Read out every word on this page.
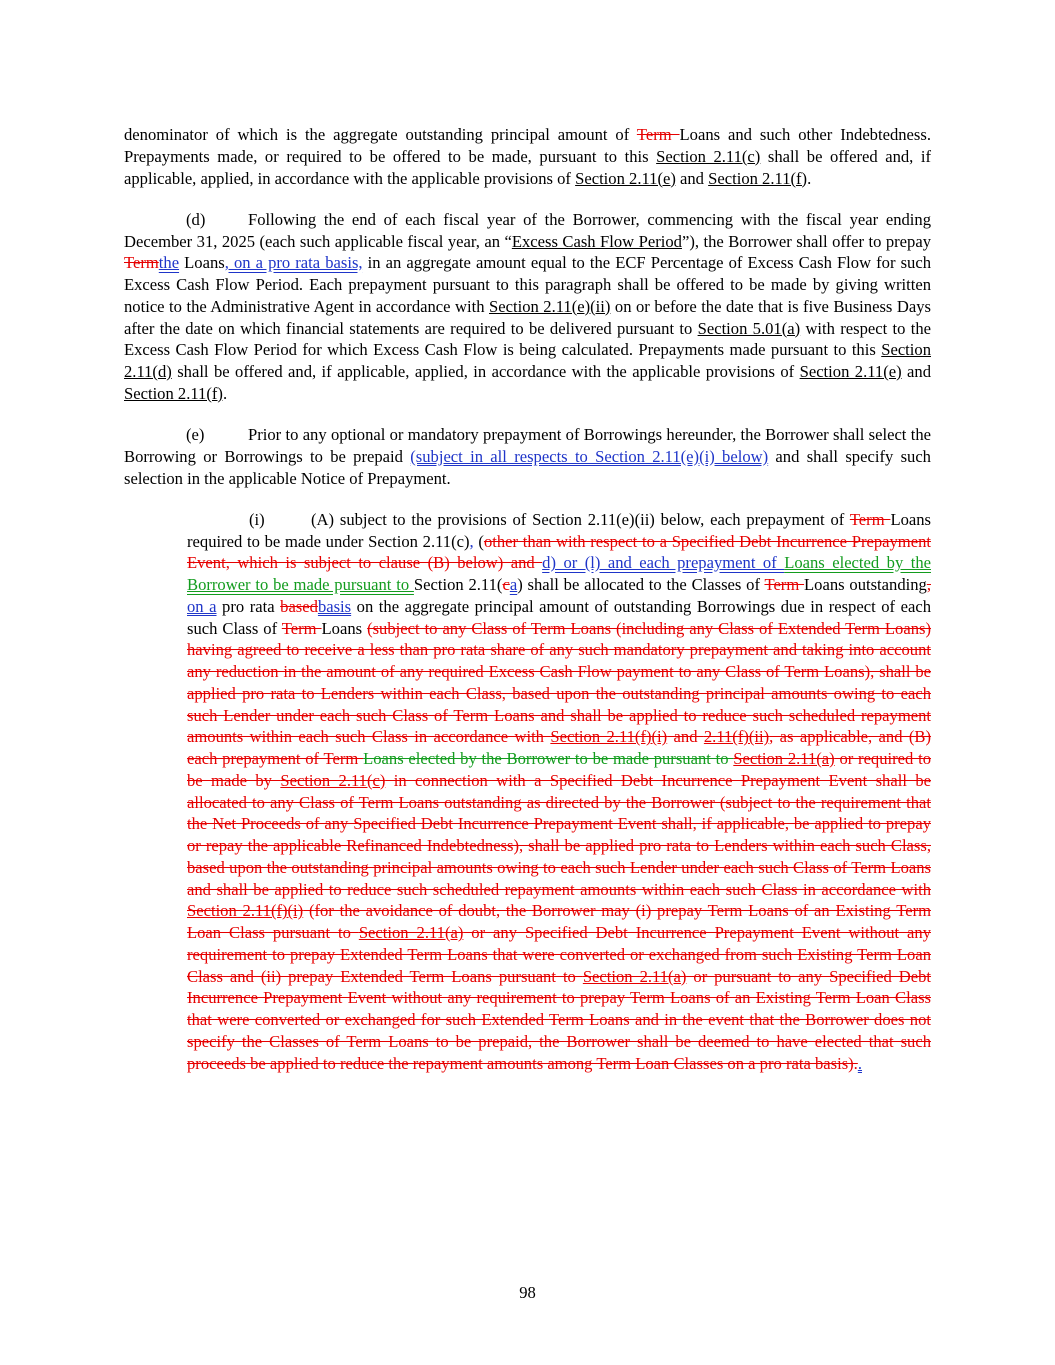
denominator of which is the aggregate outstanding principal amount of Term Loans and such other Indebtedness. Prepayments made, or required to be offered to be made, pursuant to this Section 2.11(c) shall be offered and, if applicable, applied, in accordance with the applicable provisions of Section 2.11(e) and Section 2.11(f).

(d)	Following the end of each fiscal year of the Borrower, commencing with the fiscal year ending December 31, 2025 (each such applicable fiscal year, an “Excess Cash Flow Period”), the Borrower shall offer to prepay Termthe Loans, on a pro rata basis, in an aggregate amount equal to the ECF Percentage of Excess Cash Flow for such Excess Cash Flow Period. Each prepayment pursuant to this paragraph shall be offered to be made by giving written notice to the Administrative Agent in accordance with Section 2.11(e)(ii) on or before the date that is five Business Days after the date on which financial statements are required to be delivered pursuant to Section 5.01(a) with respect to the Excess Cash Flow Period for which Excess Cash Flow is being calculated. Prepayments made pursuant to this Section 2.11(d) shall be offered and, if applicable, applied, in accordance with the applicable provisions of Section 2.11(e) and Section 2.11(f).

(e)	Prior to any optional or mandatory prepayment of Borrowings hereunder, the Borrower shall select the Borrowing or Borrowings to be prepaid (subject in all respects to Section 2.11(e)(i) below) and shall specify such selection in the applicable Notice of Prepayment.

(i)	(A) subject to the provisions of Section 2.11(e)(ii) below, each prepayment of Term Loans required to be made under Section 2.11(c), (other than with respect to a Specified Debt Incurrence Prepayment Event, which is subject to clause (B) below) and d) or (l) and each prepayment of Loans elected by the Borrower to be made pursuant to Section 2.11(ca) shall be allocated to the Classes of Term Loans outstanding, on a pro rata basedbasis on the aggregate principal amount of outstanding Borrowings due in respect of each such Class of Term Loans (subject to any Class of Term Loans (including any Class of Extended Term Loans) having agreed to receive a less than pro rata share of any such mandatory prepayment and taking into account any reduction in the amount of any required Excess Cash Flow payment to any Class of Term Loans), shall be applied pro rata to Lenders within each Class, based upon the outstanding principal amounts owing to each such Lender under each such Class of Term Loans and shall be applied to reduce such scheduled repayment amounts within each such Class in accordance with Section 2.11(f)(i) and 2.11(f)(ii), as applicable, and (B) each prepayment of Term Loans elected by the Borrower to be made pursuant to Section 2.11(a) or required to be made by Section 2.11(c) in connection with a Specified Debt Incurrence Prepayment Event shall be allocated to any Class of Term Loans outstanding as directed by the Borrower (subject to the requirement that the Net Proceeds of any Specified Debt Incurrence Prepayment Event shall, if applicable, be applied to prepay or repay the applicable Refinanced Indebtedness), shall be applied pro rata to Lenders within each such Class, based upon the outstanding principal amounts owing to each such Lender under each such Class of Term Loans and shall be applied to reduce such scheduled repayment amounts within each such Class in accordance with Section 2.11(f)(i) (for the avoidance of doubt, the Borrower may (i) prepay Term Loans of an Existing Term Loan Class pursuant to Section 2.11(a) or any Specified Debt Incurrence Prepayment Event without any requirement to prepay Extended Term Loans that were converted or exchanged from such Existing Term Loan Class and (ii) prepay Extended Term Loans pursuant to Section 2.11(a) or pursuant to any Specified Debt Incurrence Prepayment Event without any requirement to prepay Term Loans of an Existing Term Loan Class that were converted or exchanged for such Extended Term Loans and in the event that the Borrower does not specify the Classes of Term Loans to be prepaid, the Borrower shall be deemed to have elected that such proceeds be applied to reduce the repayment amounts among Term Loan Classes on a pro rata basis)..

98
